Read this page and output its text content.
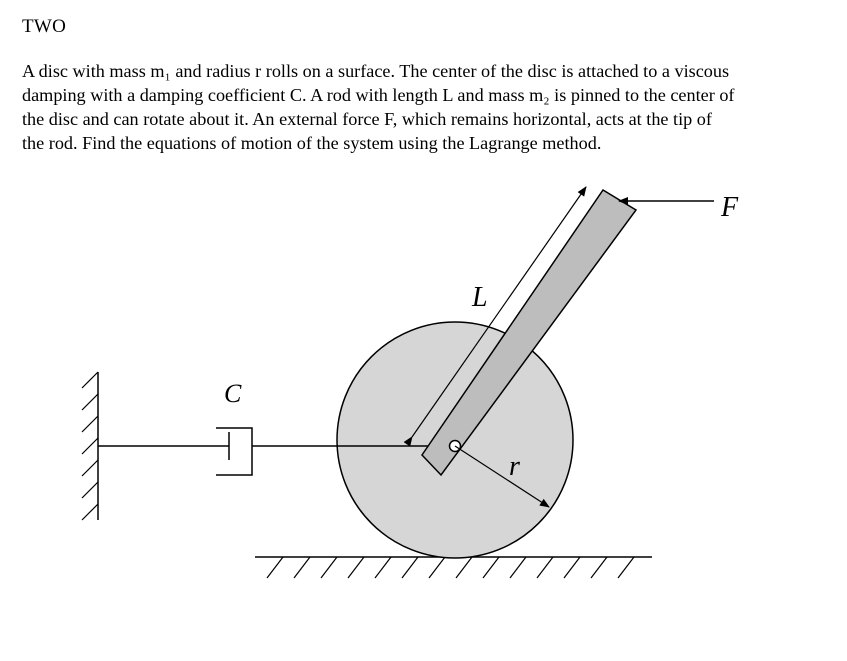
TWO
A disc with mass m₁ and radius r rolls on a surface. The center of the disc is attached to a viscous
damping with a damping coefficient C. A rod with length L and mass m₂ is pinned to the center of
the disc and can rotate about it. An external force F, which remains horizontal, acts at the tip of
the rod. Find the equations of motion of the system using the Lagrange method.
F
L
C
r
